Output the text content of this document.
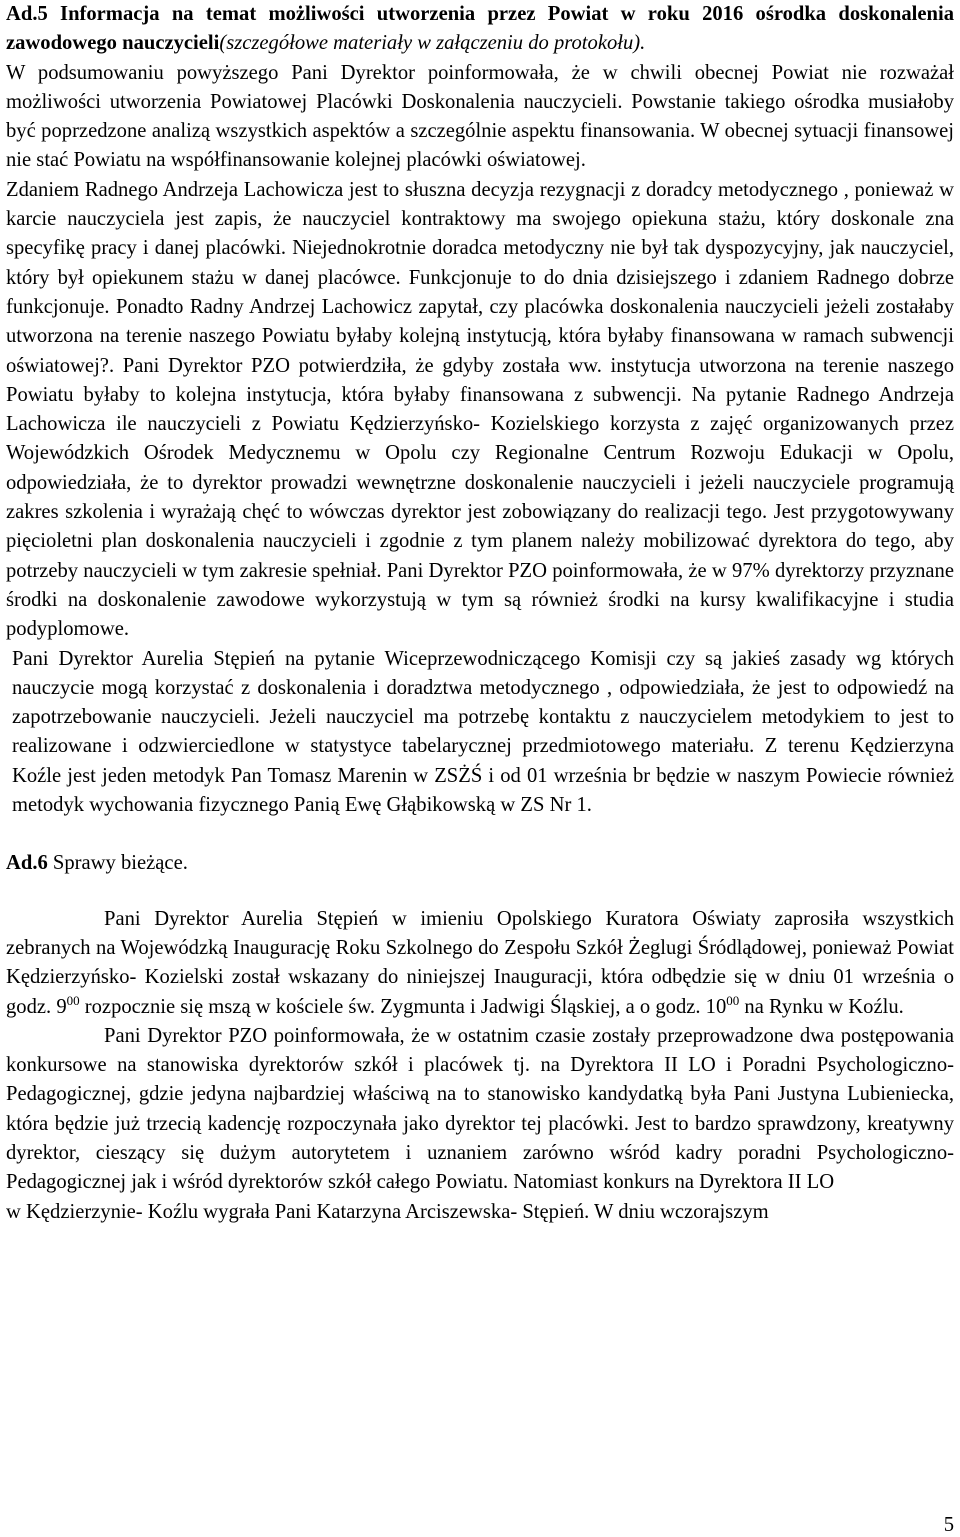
Ad.5 Informacja na temat możliwości utworzenia przez Powiat w roku 2016 ośrodka doskonalenia zawodowego nauczycieli(szczegółowe materiały w załączeniu do protokołu).

W podsumowaniu powyższego Pani Dyrektor poinformowała, że w chwili obecnej Powiat nie rozważał możliwości utworzenia Powiatowej Placówki Doskonalenia nauczycieli. Powstanie takiego ośrodka musiałoby być poprzedzone analizą wszystkich aspektów a szczególnie aspektu finansowania. W obecnej sytuacji finansowej nie stać Powiatu na współfinansowanie kolejnej placówki oświatowej.

Zdaniem Radnego Andrzeja Lachowicza jest to słuszna decyzja rezygnacji z doradcy metodycznego , ponieważ w karcie nauczyciela jest zapis, że nauczyciel kontraktowy ma swojego opiekuna stażu, który doskonale zna specyfikę pracy i danej placówki. Niejednokrotnie doradca metodyczny nie był tak dyspozycyjny, jak nauczyciel, który był opiekunem stażu w danej placówce. Funkcjonuje to do dnia dzisiejszego i zdaniem Radnego dobrze funkcjonuje. Ponadto Radny Andrzej Lachowicz zapytał, czy placówka doskonalenia nauczycieli jeżeli zostałaby utworzona na terenie naszego Powiatu byłaby kolejną instytucją, która byłaby finansowana w ramach subwencji oświatowej?. Pani Dyrektor PZO potwierdziła, że gdyby została ww. instytucja utworzona na terenie naszego Powiatu byłaby to kolejna instytucja, która byłaby finansowana z subwencji. Na pytanie Radnego Andrzeja Lachowicza ile nauczycieli z Powiatu Kędzierzyńsko- Kozielskiego korzysta z zajęć organizowanych przez Wojewódzkich Ośrodek Medycznemu w Opolu czy Regionalne Centrum Rozwoju Edukacji w Opolu, odpowiedziała, że to dyrektor prowadzi wewnętrzne doskonalenie nauczycieli i jeżeli nauczyciele programują zakres szkolenia i wyrażają chęć to wówczas dyrektor jest zobowiązany do realizacji tego. Jest przygotowywany pięcioletni plan doskonalenia nauczycieli i zgodnie z tym planem należy mobilizować dyrektora do tego, aby potrzeby nauczycieli w tym zakresie spełniał. Pani Dyrektor PZO poinformowała, że w 97% dyrektorzy przyznane środki na doskonalenie zawodowe wykorzystują w tym są również środki na kursy kwalifikacyjne i studia podyplomowe.

Pani Dyrektor Aurelia Stępień na pytanie Wiceprzewodniczącego Komisji czy są jakieś zasady wg których nauczycie mogą korzystać z doskonalenia i doradztwa metodycznego , odpowiedziała, że jest to odpowiedź na zapotrzebowanie nauczycieli. Jeżeli nauczyciel ma potrzebę kontaktu z nauczycielem metodykiem to jest to realizowane i odzwierciedlone w statystyce tabelarycznej przedmiotowego materiału. Z terenu Kędzierzyna Koźle jest jeden metodyk Pan Tomasz Marenin w ZSŻŚ i od 01 września br będzie w naszym Powiecie również metodyk wychowania fizycznego Panią Ewę Głąbikowską w ZS Nr 1.

Ad.6 Sprawy bieżące.

Pani Dyrektor Aurelia Stępień w imieniu Opolskiego Kuratora Oświaty zaprosiła wszystkich zebranych na Wojewódzką Inaugurację Roku Szkolnego do Zespołu Szkół Żeglugi Śródlądowej, ponieważ Powiat Kędzierzyńsko- Kozielski został wskazany do niniejszej Inauguracji, która odbędzie się w dniu 01 września o godz. $9^{00}$ rozpocznie się mszą w kościele św. Zygmunta i Jadwigi Śląskiej, a o godz. $10^{00}$ na Rynku w Koźlu.

Pani Dyrektor PZO poinformowała, że w ostatnim czasie zostały przeprowadzone dwa postępowania konkursowe na stanowiska dyrektorów szkół i placówek tj. na Dyrektora II LO i Poradni Psychologiczno- Pedagogicznej, gdzie jedyna najbardziej właściwą na to stanowisko kandydatką była Pani Justyna Lubieniecka, która będzie już trzecią kadencję rozpoczynała jako dyrektor tej placówki. Jest to bardzo sprawdzony, kreatywny dyrektor, cieszący się dużym autorytetem i uznaniem zarówno wśród kadry poradni Psychologiczno-Pedagogicznej jak i wśród dyrektorów szkół całego Powiatu. Natomiast konkurs na Dyrektora II LO

w Kędzierzynie- Koźlu wygrała Pani Katarzyna Arciszewska- Stępień. W dniu wczorajszym

5
